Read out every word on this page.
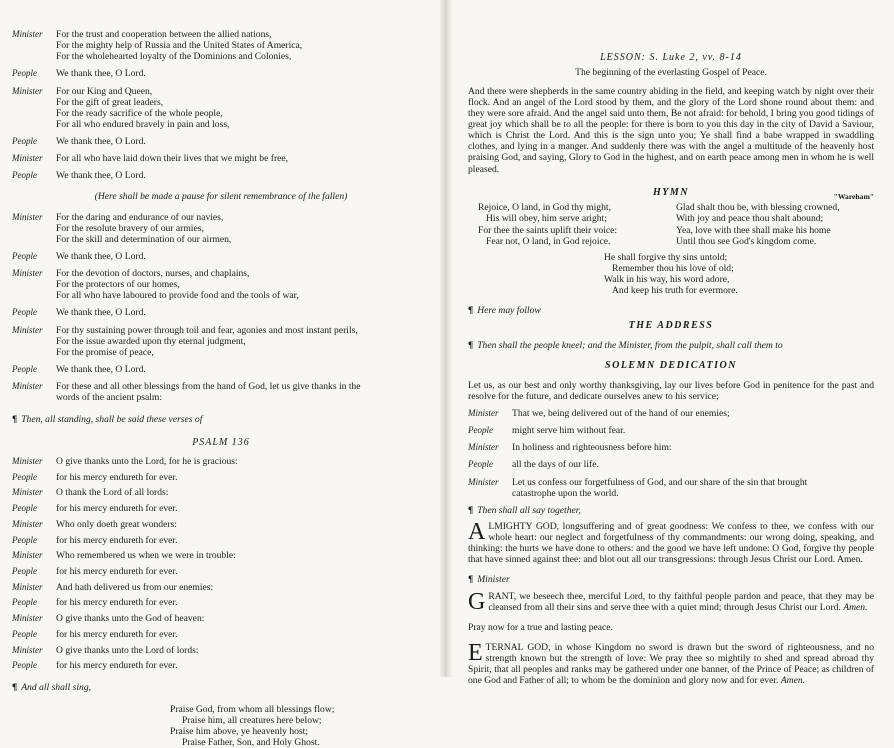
Minister	For the trust and cooperation between the allied nations,
For the mighty help of Russia and the United States of America,
For the wholehearted loyalty of the Dominions and Colonies,
People	We thank thee, O Lord.
Minister	For our King and Queen,
For the gift of great leaders,
For the ready sacrifice of the whole people,
For all who endured bravely in pain and loss,
People	We thank thee, O Lord.
Minister	For all who have laid down their lives that we might be free,
People	We thank thee, O Lord.
(Here shall be made a pause for silent remembrance of the fallen)
Minister	For the daring and endurance of our navies,
For the resolute bravery of our armies,
For the skill and determination of our airmen,
People	We thank thee, O Lord.
Minister	For the devotion of doctors, nurses, and chaplains,
For the protectors of our homes,
For all who have laboured to provide food and the tools of war,
People	We thank thee, O Lord.
Minister	For thy sustaining power through toil and fear, agonies and most instant perils,
For the issue awarded upon thy eternal judgment,
For the promise of peace,
People	We thank thee, O Lord.
Minister	For these and all other blessings from the hand of God, let us give thanks in the
words of the ancient psalm:
¶ Then, all standing, shall be said these verses of
PSALM 136
Minister	O give thanks unto the Lord, for he is gracious:
People	for his mercy endureth for ever.
Minister	O thank the Lord of all lords:
People	for his mercy endureth for ever.
Minister	Who only doeth great wonders:
People	for his mercy endureth for ever.
Minister	Who remembered us when we were in trouble:
People	for his mercy endureth for ever.
Minister	And hath delivered us from our enemies:
People	for his mercy endureth for ever.
Minister	O give thanks unto the God of heaven:
People	for his mercy endureth for ever.
Minister	O give thanks unto the Lord of lords:
People	for his mercy endureth for ever.
¶ And all shall sing,
Praise God, from whom all blessings flow;
Praise him, all creatures here below;
Praise him above, ye heavenly host;
Praise Father, Son, and Holy Ghost.
LESSON: S. Luke 2, vv. 8-14
The beginning of the everlasting Gospel of Peace.
And there were shepherds in the same country abiding in the field, and keeping watch by night over their flock. And an angel of the Lord stood by them, and the glory of the Lord shone round about them: and they were sore afraid. And the angel said unto them, Be not afraid: for behold, I bring you good tidings of great joy which shall be to all the people: for there is born to you this day in the city of David a Saviour, which is Christ the Lord. And this is the sign unto you; Ye shall find a babe wrapped in swaddling clothes, and lying in a manger. And suddenly there was with the angel a multitude of the heavenly host praising God, and saying, Glory to God in the highest, and on earth peace among men in whom he is well pleased.
HYMN	"Wareham"
Rejoice, O land, in God thy might,
His will obey, him serve aright;
For thee the saints uplift their voice:
Fear not, O land, in God rejoice.
Glad shalt thou be, with blessing crowned,
With joy and peace thou shalt abound;
Yea, love with thee shall make his home
Until thou see God's kingdom come.
He shall forgive thy sins untold;
Remember thou his love of old;
Walk in his way, his word adore,
And keep his truth for evermore.
¶ Here may follow
THE ADDRESS
¶ Then shall the people kneel; and the Minister, from the pulpit, shall call them to
SOLEMN DEDICATION
Let us, as our best and only worthy thanksgiving, lay our lives before God in penitence for the past and resolve for the future, and dedicate ourselves anew to his service;
Minister	That we, being delivered out of the hand of our enemies;
People	might serve him without fear.
Minister	In holiness and righteousness before him:
People	all the days of our life.
Minister	Let us confess our forgetfulness of God, and our share of the sin that brought
catastrophe upon the world.
¶ Then shall all say together,
ALMIGHTY GOD, longsuffering and of great goodness: We confess to thee, we confess with our whole heart: our neglect and forgetfulness of thy commandments: our wrong doing, speaking, and thinking: the hurts we have done to others: and the good we have left undone: O God, forgive thy people that have sinned against thee: and blot out all our transgressions: through Jesus Christ our Lord. Amen.
¶ Minister
GRANT, we beseech thee, merciful Lord, to thy faithful people pardon and peace, that they may be cleansed from all their sins and serve thee with a quiet mind; through Jesus Christ our Lord. Amen.
Pray now for a true and lasting peace.
ETERNAL GOD, in whose Kingdom no sword is drawn but the sword of righteousness, and no strength known but the strength of love: We pray thee so mightily to shed and spread abroad thy Spirit, that all peoples and ranks may be gathered under one banner, of the Prince of Peace; as children of one God and Father of all; to whom be the dominion and glory now and for ever. Amen.
